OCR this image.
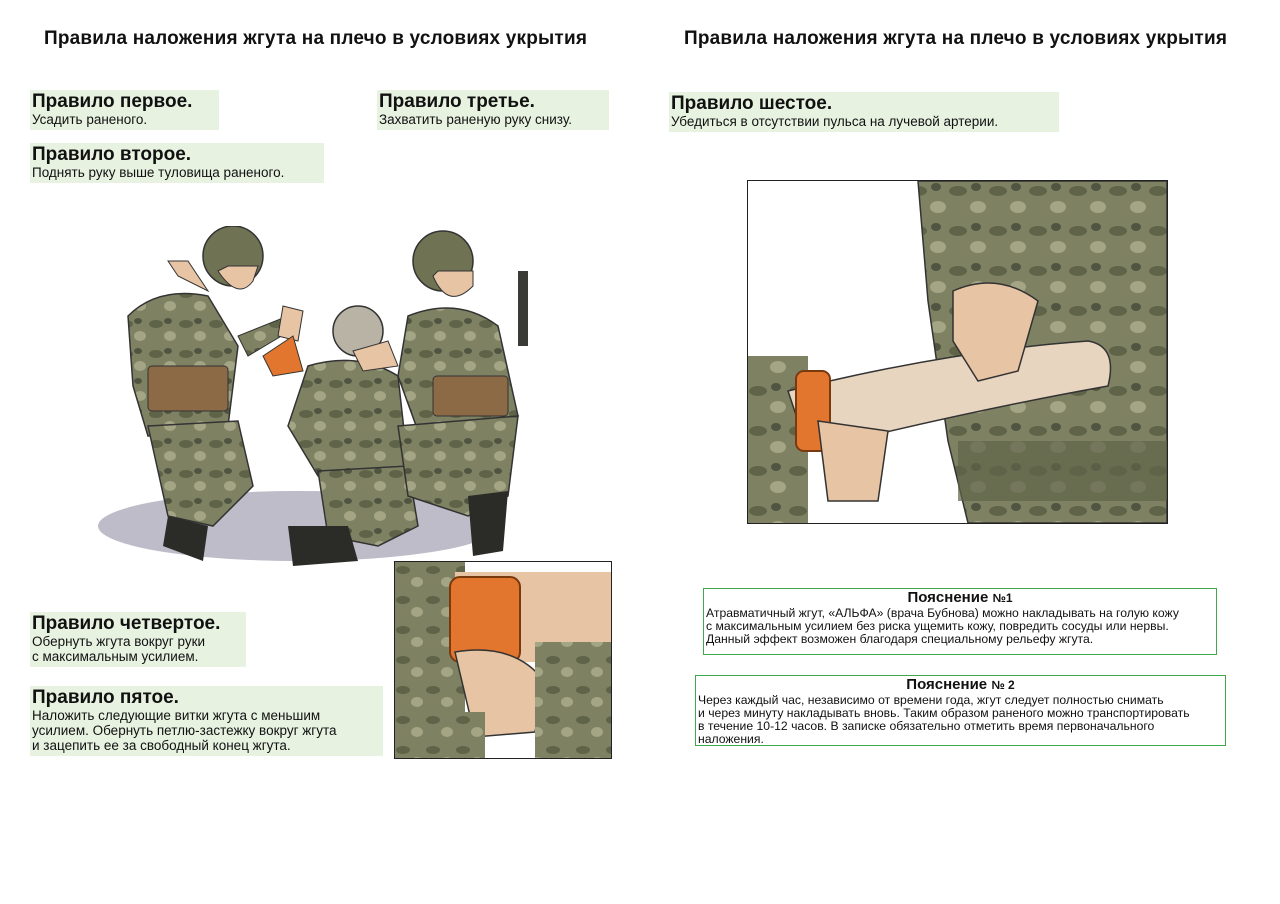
Правила наложения жгута на плечо в условиях укрытия
Правило первое.
Усадить раненого.
Правило второе.
Поднять руку выше туловища раненого.
Правило третье.
Захватить раненую руку снизу.
Правило четвертое.
Обернуть жгута вокруг руки
с максимальным усилием.
Правило пятое.
Наложить следующие витки жгута с меньшим
усилием. Обернуть петлю-застежку вокруг жгута
и зацепить ее за свободный конец жгута.
Правила наложения жгута на плечо в условиях укрытия
Правило шестое.
Убедиться в отсутствии пульса на лучевой артерии.
Пояснение №1
Атравматичный жгут, «АЛЬФА» (врача Бубнова) можно накладывать на голую кожу
с максимальным усилием без риска ущемить кожу, повредить сосуды или нервы.
Данный эффект возможен благодаря специальному рельефу жгута.
Пояснение № 2
Через каждый час, независимо от времени года, жгут следует полностью снимать
и через минуту накладывать вновь. Таким образом раненого можно транспортировать
в течение 10-12 часов. В записке обязательно отметить время первоначального
наложения.
